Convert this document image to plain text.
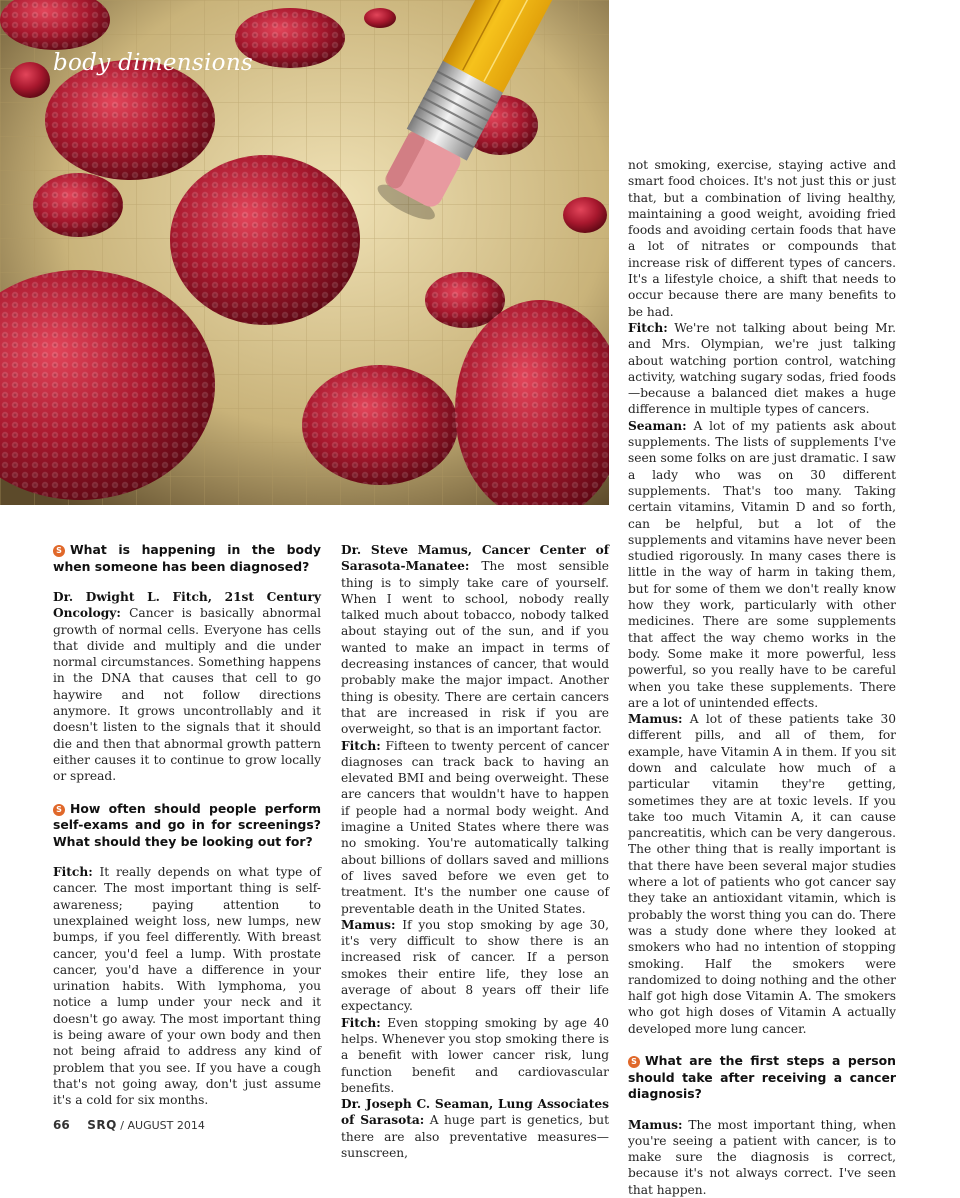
body dimensions

S What is happening in the body when someone has been diagnosed?

Dr. Dwight L. Fitch, 21st Century Oncology: Cancer is basically abnormal growth of normal cells. Everyone has cells that divide and multiply and die under normal circumstances. Something happens in the DNA that causes that cell to go haywire and not follow directions anymore. It grows uncontrollably and it doesn't listen to the signals that it should die and then that abnormal growth pattern either causes it to continue to grow locally or spread.

S How often should people perform self-exams and go in for screenings? What should they be looking out for?

Fitch: It really depends on what type of cancer. The most important thing is self-awareness; paying attention to unexplained weight loss, new lumps, new bumps, if you feel differently. With breast cancer, you'd feel a lump. With prostate cancer, you'd have a difference in your urination habits. With lymphoma, you notice a lump under your neck and it doesn't go away. The most important thing is being aware of your own body and then not being afraid to address any kind of problem that you see. If you have a cough that's not going away, don't just assume it's a cold for six months.

Dr. Steve Mamus, Cancer Center of Sarasota-Manatee: The most sensible thing is to simply take care of yourself. When I went to school, nobody really talked much about tobacco, nobody talked about staying out of the sun, and if you wanted to make an impact in terms of decreasing instances of cancer, that would probably make the major impact. Another thing is obesity. There are certain cancers that are increased in risk if you are overweight, so that is an important factor.

Fitch: Fifteen to twenty percent of cancer diagnoses can track back to having an elevated BMI and being overweight. These are cancers that wouldn't have to happen if people had a normal body weight. And imagine a United States where there was no smoking. You're automatically talking about billions of dollars saved and millions of lives saved before we even get to treatment. It's the number one cause of preventable death in the United States.

Mamus: If you stop smoking by age 30, it's very difficult to show there is an increased risk of cancer. If a person smokes their entire life, they lose an average of about 8 years off their life expectancy.

Fitch: Even stopping smoking by age 40 helps. Whenever you stop smoking there is a benefit with lower cancer risk, lung function benefit and cardiovascular benefits.

Dr. Joseph C. Seaman, Lung Associates of Sarasota: A huge part is genetics, but there are also preventative measures—sunscreen,

not smoking, exercise, staying active and smart food choices. It's not just this or just that, but a combination of living healthy, maintaining a good weight, avoiding fried foods and avoiding certain foods that have a lot of nitrates or compounds that increase risk of different types of cancers. It's a lifestyle choice, a shift that needs to occur because there are many benefits to be had.

Fitch: We're not talking about being Mr. and Mrs. Olympian, we're just talking about watching portion control, watching activity, watching sugary sodas, fried foods—because a balanced diet makes a huge difference in multiple types of cancers.

Seaman: A lot of my patients ask about supplements. The lists of supplements I've seen some folks on are just dramatic. I saw a lady who was on 30 different supplements. That's too many. Taking certain vitamins, Vitamin D and so forth, can be helpful, but a lot of the supplements and vitamins have never been studied rigorously. In many cases there is little in the way of harm in taking them, but for some of them we don't really know how they work, particularly with other medicines. There are some supplements that affect the way chemo works in the body. Some make it more powerful, less powerful, so you really have to be careful when you take these supplements. There are a lot of unintended effects.

Mamus: A lot of these patients take 30 different pills, and all of them, for example, have Vitamin A in them. If you sit down and calculate how much of a particular vitamin they're getting, sometimes they are at toxic levels. If you take too much Vitamin A, it can cause pancreatitis, which can be very dangerous. The other thing that is really important is that there have been several major studies where a lot of patients who got cancer say they take an antioxidant vitamin, which is probably the worst thing you can do. There was a study done where they looked at smokers who had no intention of stopping smoking. Half the smokers were randomized to doing nothing and the other half got high dose Vitamin A. The smokers who got high doses of Vitamin A actually developed more lung cancer.

S What are the first steps a person should take after receiving a cancer diagnosis?

Mamus: The most important thing, when you're seeing a patient with cancer, is to make sure the diagnosis is correct, because it's not always correct. I've seen that happen.

66 SRQ / AUGUST 2014
